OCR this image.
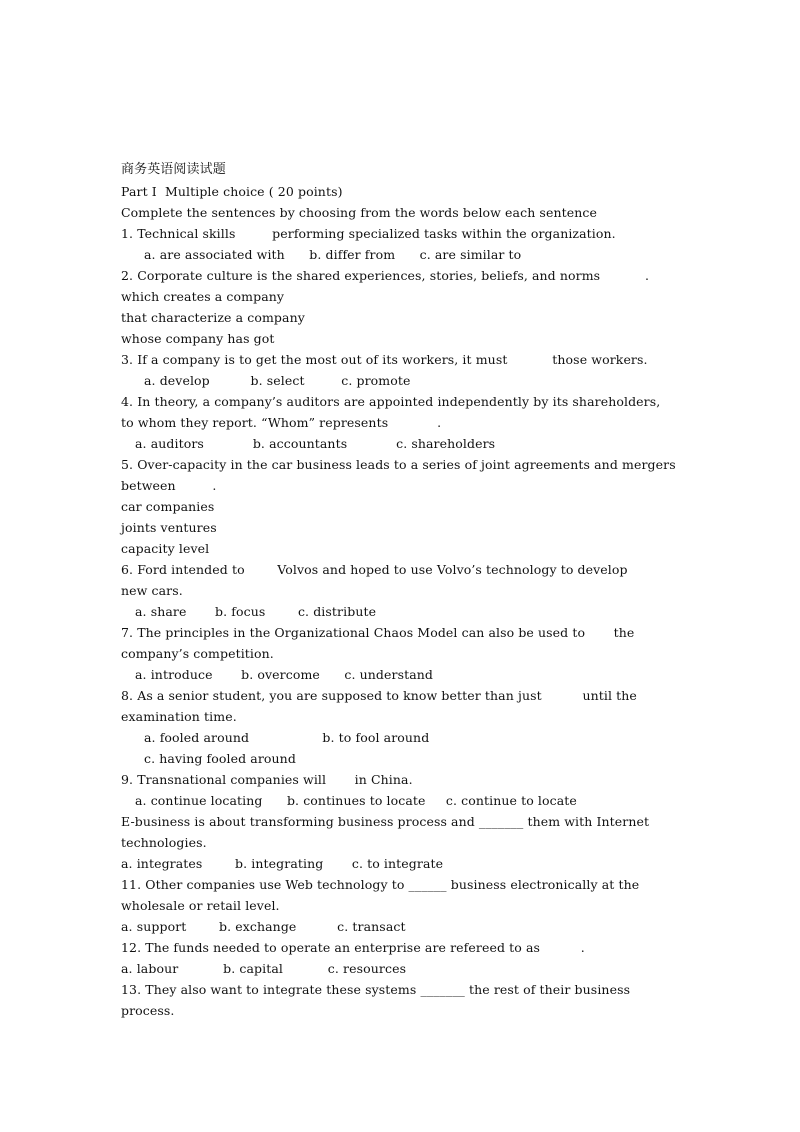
商务英语阅读试题
Part I  Multiple choice ( 20 points)
Complete the sentences by choosing from the words below each sentence
1. Technical skills         performing specialized tasks within the organization.
a. are associated with      b. differ from      c. are similar to
2. Corporate culture is the shared experiences, stories, beliefs, and norms           .
which creates a company
that characterize a company
whose company has got
3. If a company is to get the most out of its workers, it must           those workers.
a. develop          b. select         c. promote
4. In theory, a company’s auditors are appointed independently by its shareholders,
to whom they report. “Whom” represents            .
a. auditors            b. accountants            c. shareholders
5. Over-capacity in the car business leads to a series of joint agreements and mergers
between         .
car companies
joints ventures
capacity level
6. Ford intended to        Volvos and hoped to use Volvo’s technology to develop
new cars.
a. share       b. focus        c. distribute
7. The principles in the Organizational Chaos Model can also be used to       the
company’s competition.
a. introduce       b. overcome      c. understand
8. As a senior student, you are supposed to know better than just          until the
examination time.
a. fooled around                  b. to fool around
c. having fooled around
9. Transnational companies will       in China.
a. continue locating      b. continues to locate     c. continue to locate
E-business is about transforming business process and _______ them with Internet
technologies.
a. integrates        b. integrating       c. to integrate
11. Other companies use Web technology to ______ business electronically at the
wholesale or retail level.
a. support        b. exchange          c. transact
12. The funds needed to operate an enterprise are refereed to as          .
a. labour           b. capital           c. resources
13. They also want to integrate these systems _______ the rest of their business
process.
